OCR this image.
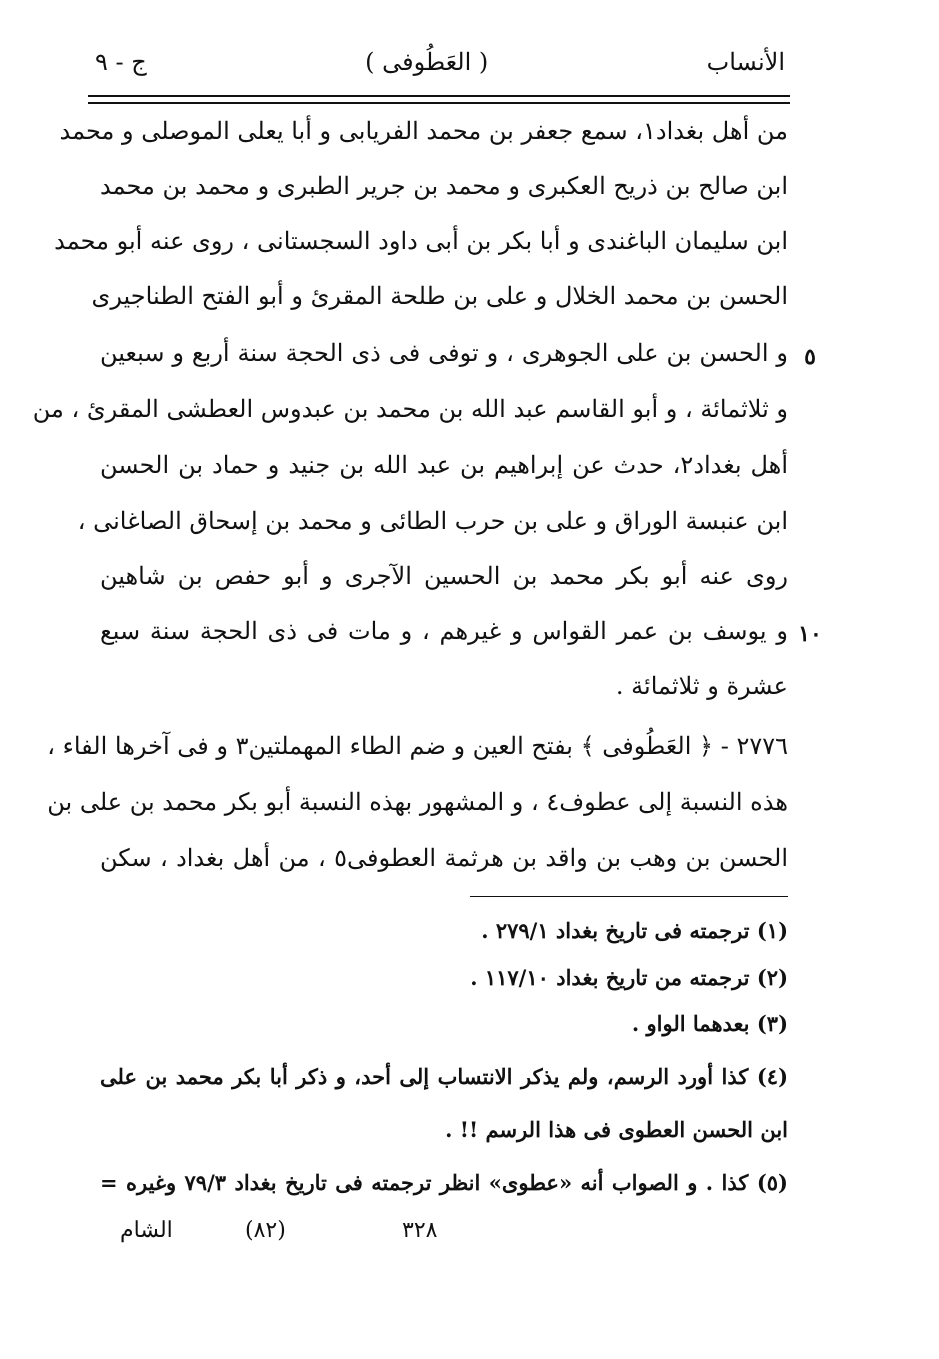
الأنساب
( العَطُوفى )
ج - ٩
من أهل بغداد١، سمع جعفر بن محمد الفريابى و أبا يعلى الموصلى و محمد
ابن صالح بن ذريح العكبرى و محمد بن جرير الطبرى و محمد بن محمد
ابن سليمان الباغندى و أبا بكر بن أبى داود السجستانى ، روى عنه أبو محمد
الحسن بن محمد الخلال و على بن طلحة المقرئ و أبو الفتح الطناجيرى
و الحسن بن على الجوهرى ، و توفى فى ذى الحجة سنة أربع و سبعين ٥
و ثلاثمائة ، و أبو القاسم عبد الله بن محمد بن عبدوس العطشى المقرئ ، من
أهل بغداد٢، حدث عن إبراهيم بن عبد الله بن جنيد و حماد بن الحسن
ابن عنبسة الوراق و على بن حرب الطائى و محمد بن إسحاق الصاغانى ،
روى عنه أبو بكر محمد بن الحسين الآجرى و أبو حفص بن شاهين
و يوسف بن عمر القواس و غيرهم ، و مات فى ذى الحجة سنة سبع ١٠
عشرة و ثلاثمائة .
٢٧٧٦ - ﴿ العَطُوفى ﴾ بفتح العين و ضم الطاء المهملتين٣ و فى آخرها الفاء ،
هذه النسبة إلى عطوف٤ ، و المشهور بهذه النسبة أبو بكر محمد بن علی بن
الحسن بن وهب بن واقد بن هرثمة العطوفى٥ ، من أهل بغداد ، سكن
(١) ترجمته فى تاريخ بغداد ٢٧٩/١ .
(٢) ترجمته من تاريخ بغداد ١١٧/١٠ .
(٣) بعدهما الواو .
(٤) كذا أورد الرسم، ولم يذكر الانتساب إلى أحد، و ذكر أبا بكر محمد بن على
ابن الحسن العطوى فى هذا الرسم !! .
(٥) كذا . و الصواب أنه «عطوى» انظر ترجمته فى تاريخ بغداد ٧٩/٣ وغيره =
٣٢٨
(٨٢)
الشام
